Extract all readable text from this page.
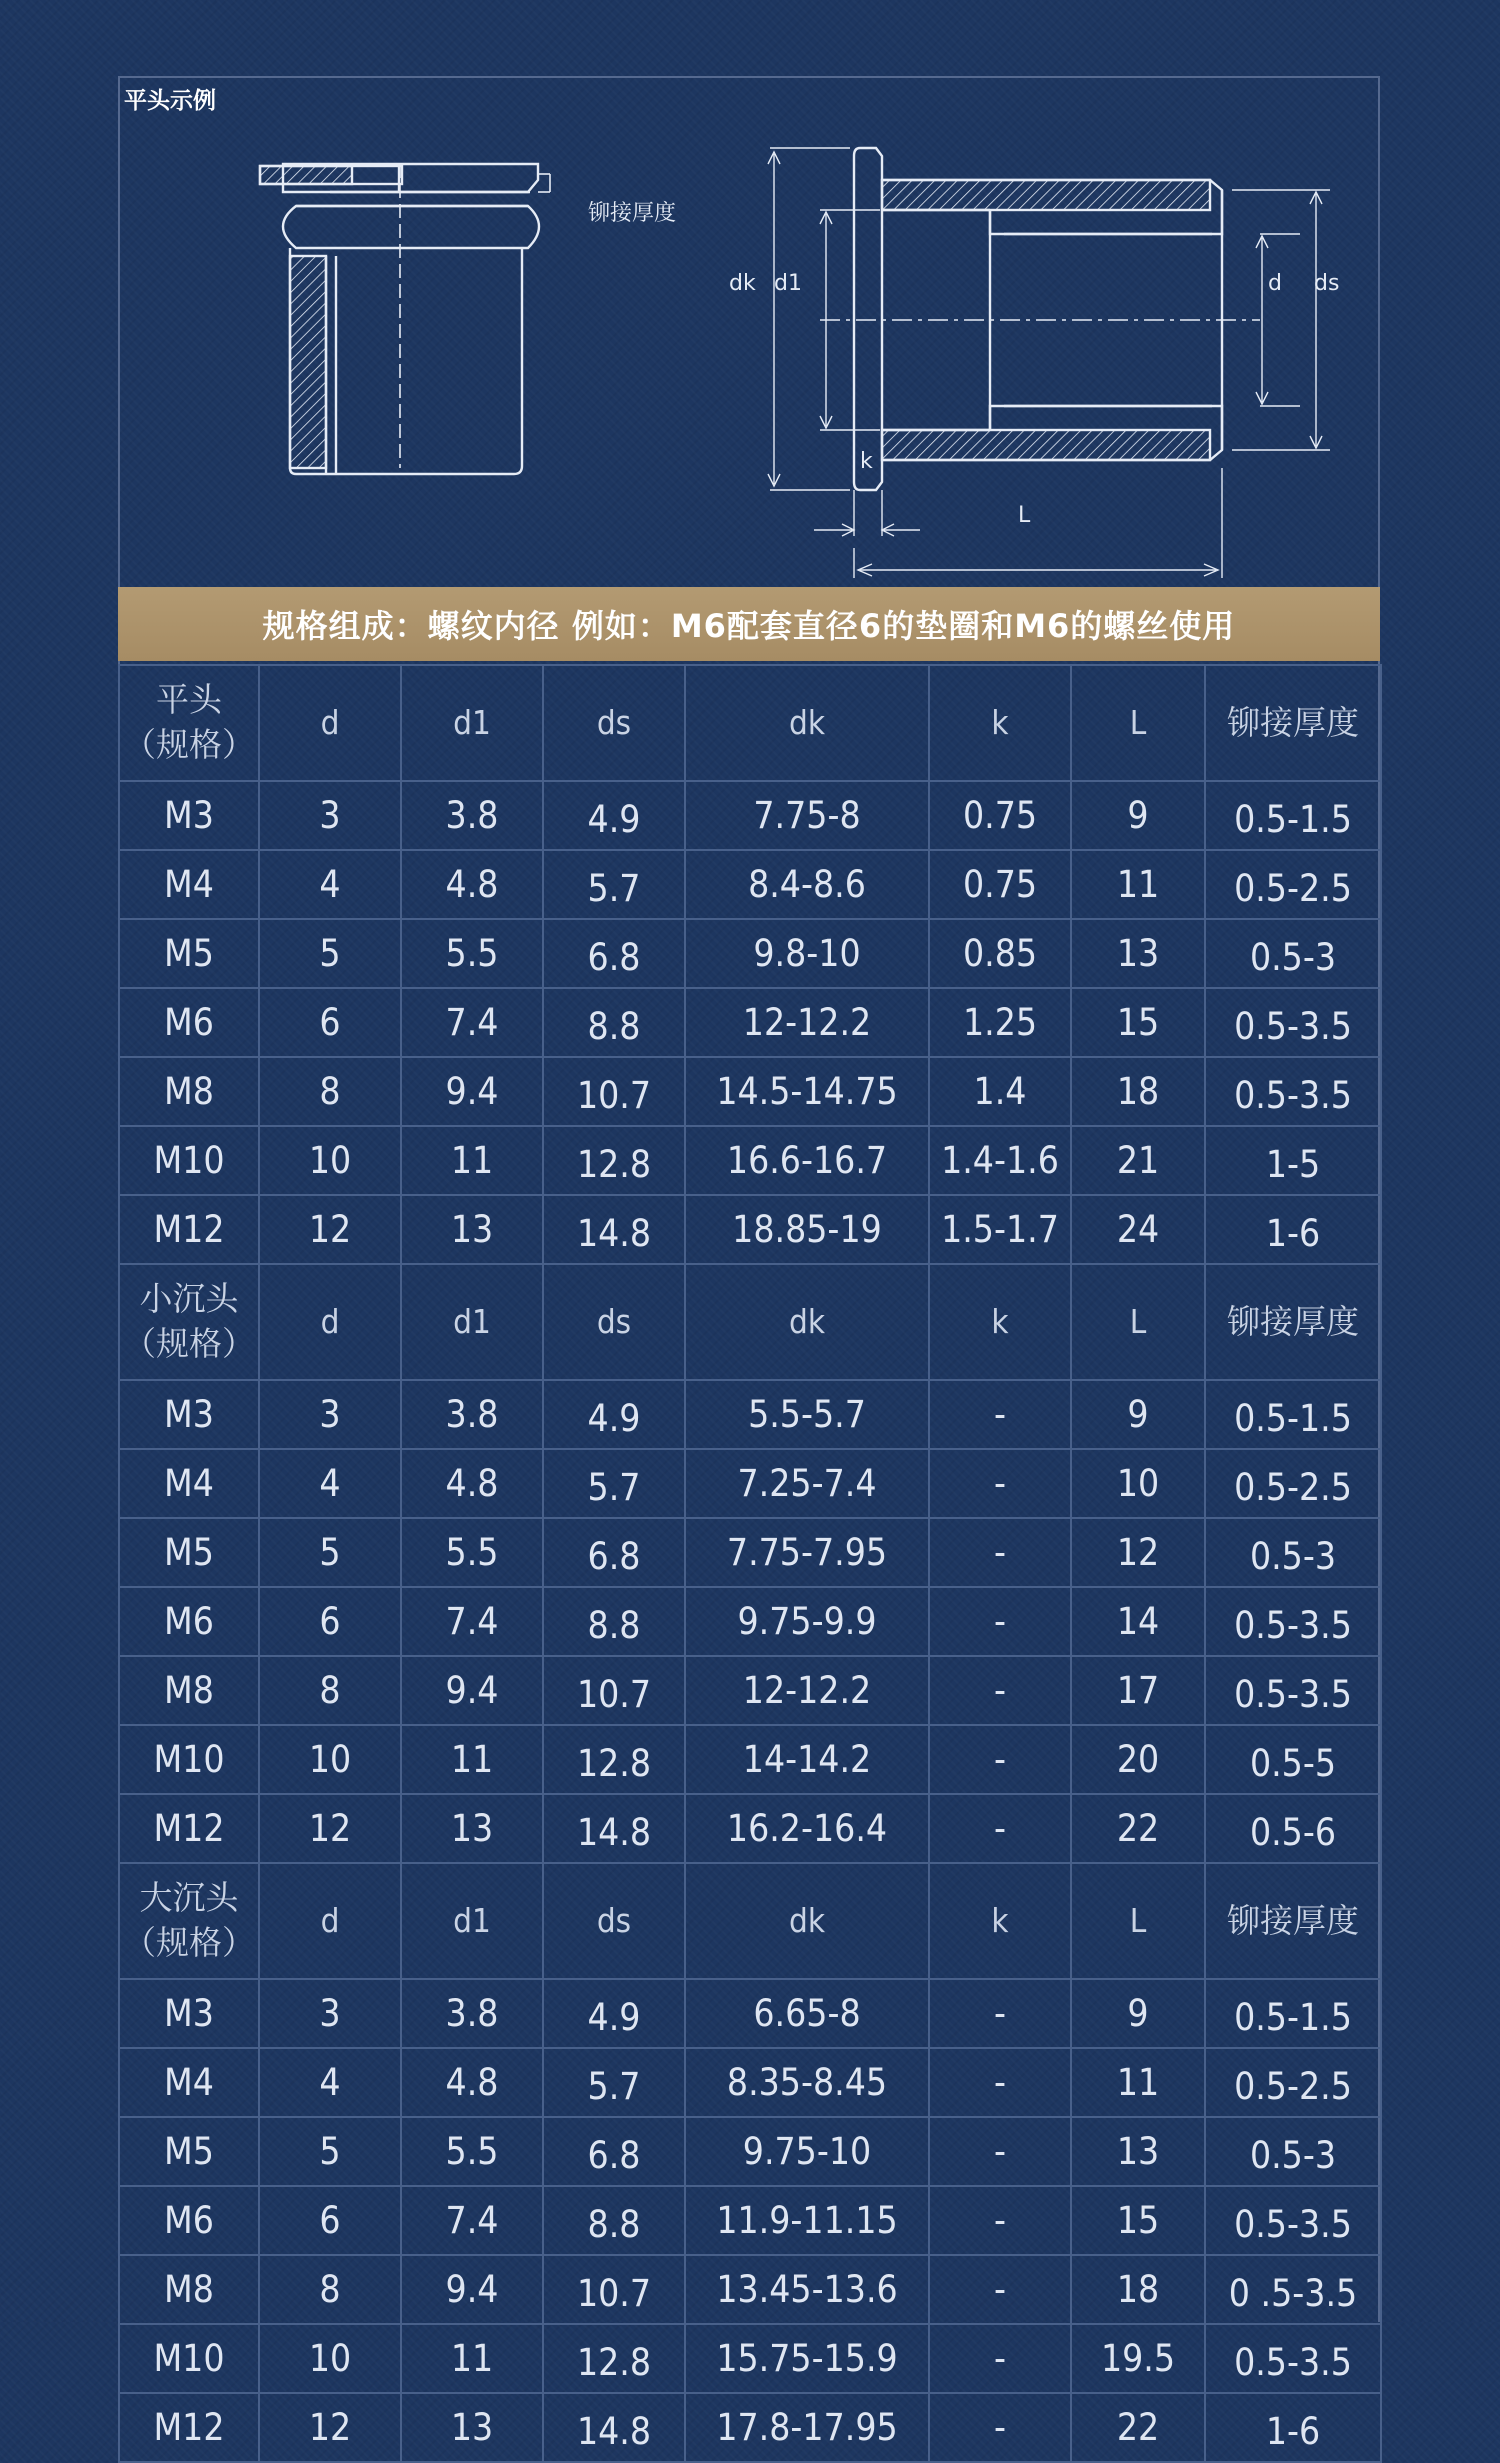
平头示例
铆接厚度
dk d1	d ds
k
L
规格组成：螺纹内径 例如：M6配套直径6的垫圈和M6的螺丝使用
平头
（规格）	d	d1	ds	dk	k	L	铆接厚度
M3	3	3.8	4.9	7.75-8	0.75	9	0.5-1.5
M4	4	4.8	5.7	8.4-8.6	0.75	11	0.5-2.5
M5	5	5.5	6.8	9.8-10	0.85	13	0.5-3
M6	6	7.4	8.8	12-12.2	1.25	15	0.5-3.5
M8	8	9.4	10.7	14.5-14.75	1.4	18	0.5-3.5
M10	10	11	12.8	16.6-16.7	1.4-1.6	21	1-5
M12	12	13	14.8	18.85-19	1.5-1.7	24	1-6

小沉头
（规格）	d	d1	ds	dk	k	L	铆接厚度
M3	3	3.8	4.9	5.5-5.7	-	9	0.5-1.5
M4	4	4.8	5.7	7.25-7.4	-	10	0.5-2.5
M5	5	5.5	6.8	7.75-7.95	-	12	0.5-3
M6	6	7.4	8.8	9.75-9.9	-	14	0.5-3.5
M8	8	9.4	10.7	12-12.2	-	17	0.5-3.5
M10	10	11	12.8	14-14.2	-	20	0.5-5
M12	12	13	14.8	16.2-16.4	-	22	0.5-6

大沉头
（规格）	d	d1	ds	dk	k	L	铆接厚度
M3	3	3.8	4.9	6.65-8	-	9	0.5-1.5
M4	4	4.8	5.7	8.35-8.45	-	11	0.5-2.5
M5	5	5.5	6.8	9.75-10	-	13	0.5-3
M6	6	7.4	8.8	11.9-11.15	-	15	0.5-3.5
M8	8	9.4	10.7	13.45-13.6	-	18	0 .5-3.5
M10	10	11	12.8	15.75-15.9	-	19.5	0.5-3.5
M12	12	13	14.8	17.8-17.95	-	22	1-6
